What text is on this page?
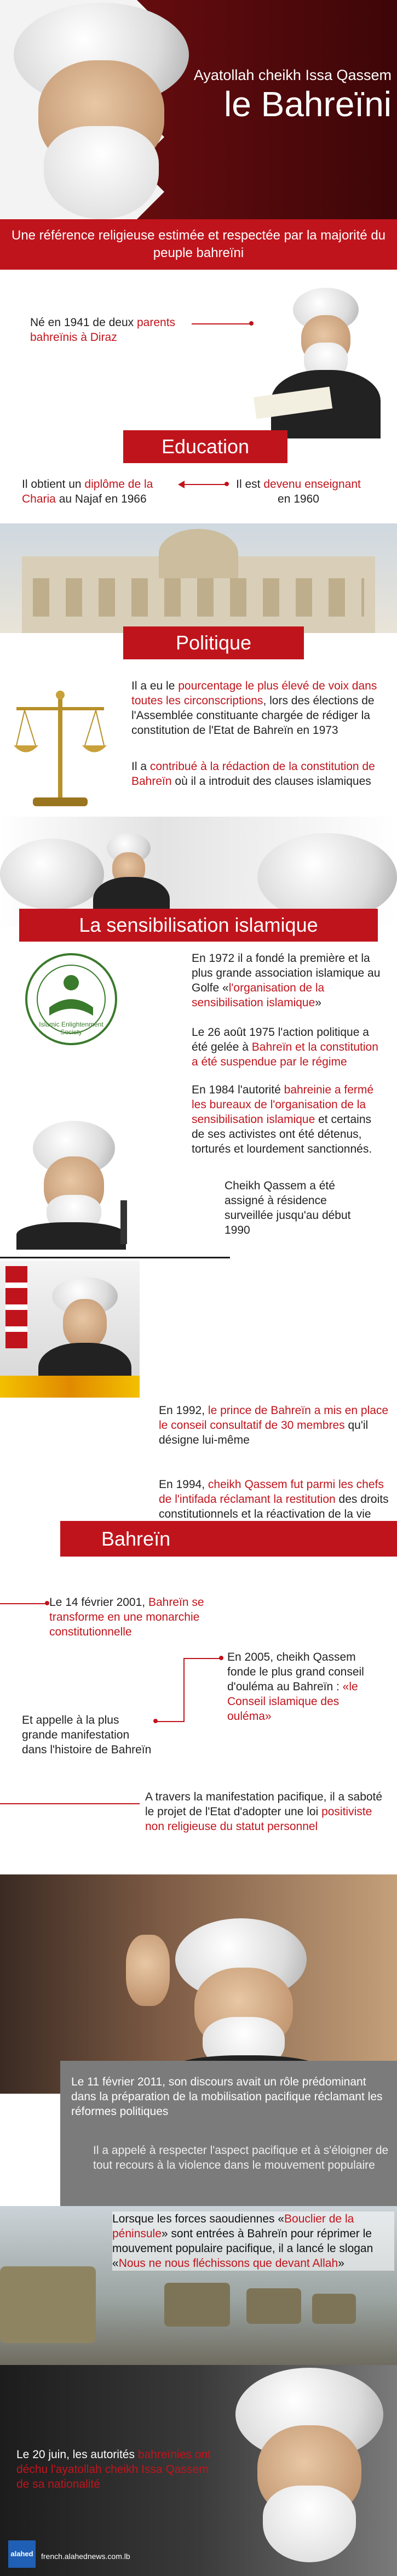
Ayatollah cheikh Issa Qassem
le Bahreïni
Une référence religieuse estimée et respectée par la majorité du peuple bahreïni
Né en 1941 de deux parents bahreïnis à Diraz
Education
Il obtient un diplôme de la Charia au Najaf en 1966
Il est devenu enseignant en 1960
Politique
Il a eu le pourcentage le plus élevé de voix dans toutes les circonscriptions, lors des élections de l'Assemblée constituante chargée de rédiger la constitution de l'Etat de Bahreïn en 1973
Il a contribué à la rédaction de la constitution de Bahreïn où il a introduit des clauses islamiques
La sensibilisation islamique
Islamic Enlightenment Society
En 1972 il a fondé la première et la plus grande association islamique au Golfe «l'organisation de la sensibilisation islamique»
Le 26 août 1975 l'action politique a été gelée à Bahreïn et la constitution a été suspendue par le régime
En 1984 l'autorité bahreinie a fermé les bureaux de l'organisation de la sensibilisation islamique et certains de ses activistes ont été détenus, torturés et lourdement sanctionnés.
Cheikh Qassem a été assigné à résidence surveillée jusqu'au début 1990
En 1992, le prince de Bahreïn a mis en place le conseil consultatif de 30 membres qu'il désigne lui-même
En 1994, cheikh Qassem fut parmi les chefs de l'intifada réclamant la restitution des droits constitutionnels et la réactivation de la vie
Bahreïn
Le 14 février 2001, Bahreïn se transforme en une monarchie constitutionnelle
En 2005, cheikh Qassem fonde le plus grand conseil d'ouléma au Bahreïn : «le Conseil islamique des ouléma»
Et appelle à la plus grande manifestation dans l'histoire de Bahreïn
A travers la manifestation pacifique, il a saboté le projet de l'Etat d'adopter une loi positiviste non religieuse du statut personnel
Le 11 février 2011, son discours avait un rôle prédominant dans la préparation de la mobilisation pacifique réclamant les réformes politiques
Il a appelé à respecter l'aspect pacifique et à s'éloigner de tout recours à la violence dans le mouvement populaire
Lorsque les forces saoudiennes «Bouclier de la péninsule» sont entrées à Bahreïn pour réprimer le mouvement populaire pacifique, il a lancé le slogan «Nous ne nous fléchissons que devant Allah»
Le 20 juin, les autorités bahreïnies ont déchu l'ayatollah cheikh Issa Qassem de sa nationalité
alahed	french.alahednews.com.lb
